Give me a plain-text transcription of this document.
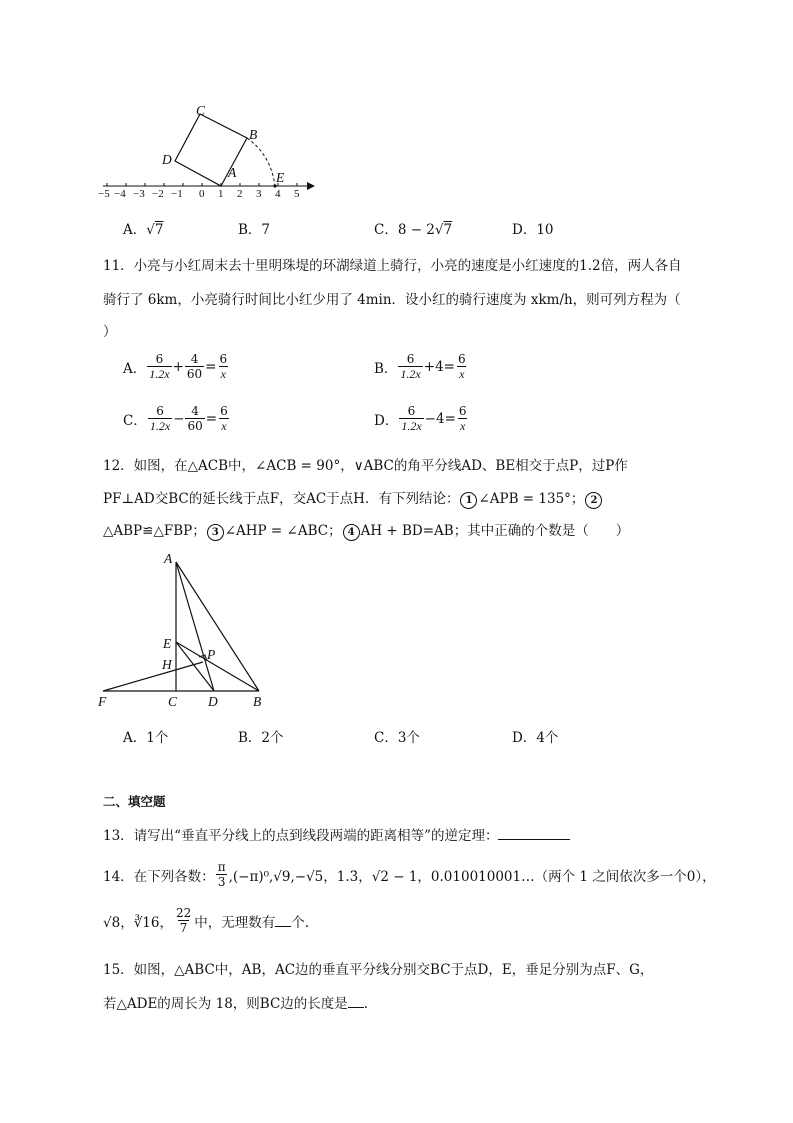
C
B
D
A	E
−5 −4 −3 −2 −1 0 1 2 3 4 5
A．√7	B．7	C．8 − 2√7	D．10
11．小亮与小红周末去十里明珠堤的环湖绿道上骑行，小亮的速度是小红速度的1.2倍，两人各自
骑行了 6km，小亮骑行时间比小红少用了 4min．设小红的骑行速度为 xkm/h，则可列方程为（
）
A． $\frac{6}{1.2x} + \frac{4}{60} = \frac{6}{x}$	B． $\frac{6}{1.2x} + 4 = \frac{6}{x}$
C． $\frac{6}{1.2x} - \frac{4}{60} = \frac{6}{x}$	D． $\frac{6}{1.2x} - 4 = \frac{6}{x}$
12．如图，在△ACB中，∠ACB = 90°，∨ABC的角平分线AD、BE相交于点P，过P作
PF⊥AD交BC的延长线于点F，交AC于点H．有下列结论： 1 ∠APB = 135°； 2
△ABP≌△FBP； 3 ∠AHP = ∠ABC； 4 AH + BD=AB；其中正确的个数是（　　）
A
E
P
H
F	C D	B
A．1个	B．2个	C．3个	D．4个
二、填空题
13．请写出“垂直平分线上的点到线段两端的距离相等”的逆定理：
14．在下列各数： $\frac{\pi}{3} ,(-\pi)^0,√9,-√5$，1.3̇，√2 − 1，0.010010001…（两个 1 之间依次多一个0），
√8，∛16， $\frac{22}{7}$ 中，无理数有 个.
15．如图，△ABC中，AB，AC边的垂直平分线分别交BC于点D，E，垂足分别为点F、G，
若△ADE的周长为 18，则BC边的长度是 .
